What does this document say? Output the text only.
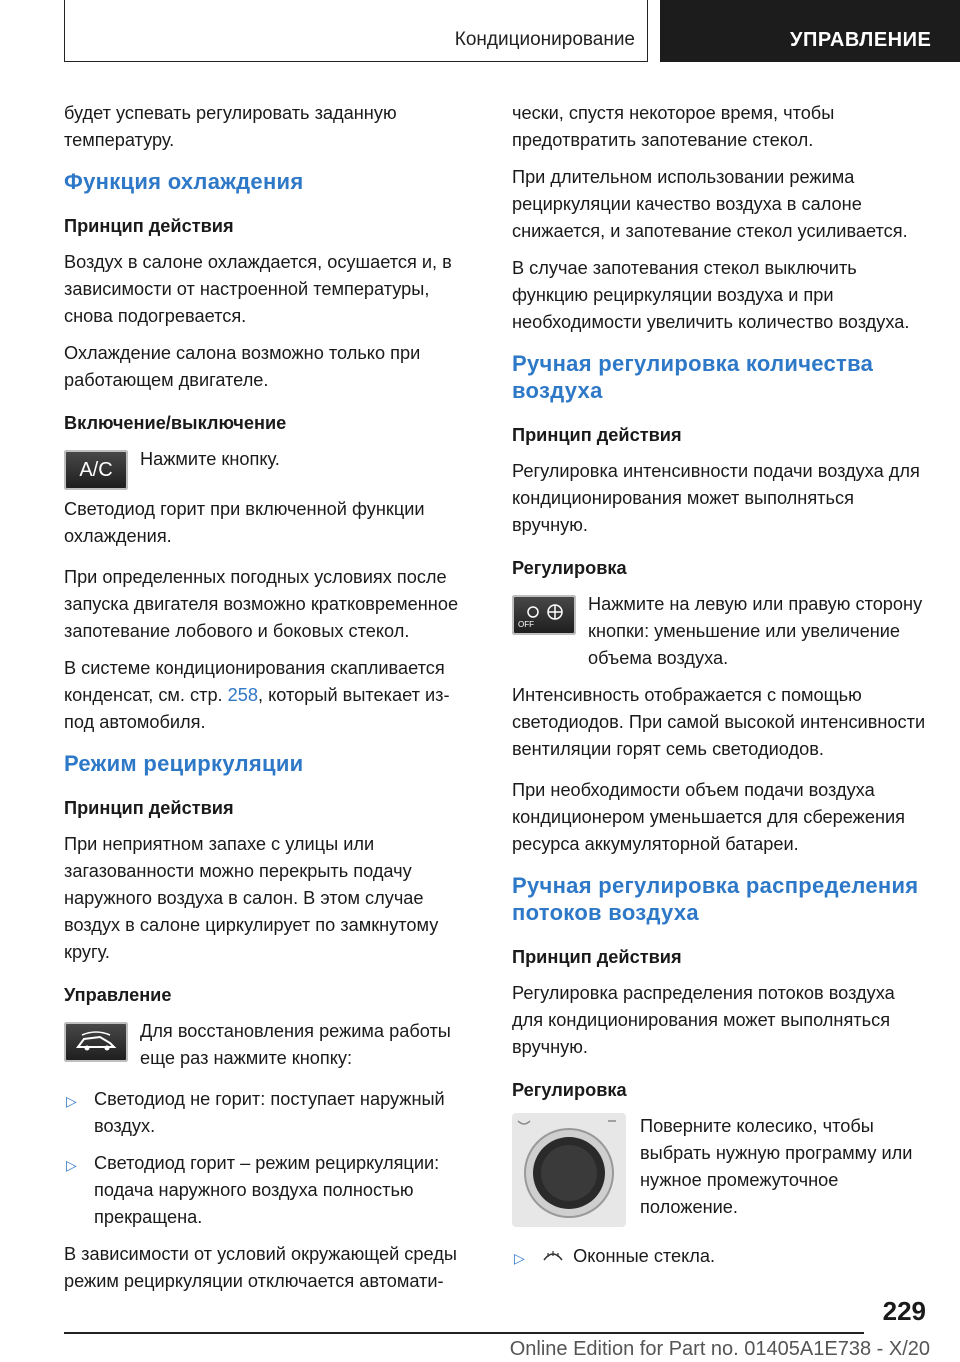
Кондиционирование	УПРАВЛЕНИЕ

будет успевать регулировать заданную температуру.

Функция охлаждения
Принцип действия

Воздух в салоне охлаждается, осушается и, в зависимости от настроенной температуры, снова подогревается.

Охлаждение салона возможно только при работающем двигателе.

Включение/выключение
A/C Нажмите кнопку.

Светодиод горит при включенной функции охлаждения.

При определенных погодных условиях после запуска двигателя возможно кратковременное запотевание лобового и боковых стекол.

В системе кондиционирования скапливается конденсат, см. стр. 258, который вытекает из-под автомобиля.

Режим рециркуляции
Принцип действия

При неприятном запахе с улицы или загазованности можно перекрыть подачу наружного воздуха в салон. В этом случае воздух в салоне циркулирует по замкнутому кругу.

Управление

Для восстановления режима работы еще раз нажмите кнопку:

▷ Светодиод не горит: поступает наружный воздух.
▷ Светодиод горит – режим рециркуляции: подача наружного воздуха полностью прекращена.

В зависимости от условий окружающей среды режим рециркуляции отключается автомати-

чески, спустя некоторое время, чтобы предотвратить запотевание стекол.

При длительном использовании режима рециркуляции качество воздуха в салоне снижается, и запотевание стекол усиливается.

В случае запотевания стекол выключить функцию рециркуляции воздуха и при необходимости увеличить количество воздуха.

Ручная регулировка количества воздуха
Принцип действия

Регулировка интенсивности подачи воздуха для кондиционирования может выполняться вручную.

Регулировка
OFF

Нажмите на левую или правую сторону кнопки: уменьшение или увеличение объема воздуха.

Интенсивность отображается с помощью светодиодов. При самой высокой интенсивности вентиляции горят семь светодиодов.

При необходимости объем подачи воздуха кондиционером уменьшается для сбережения ресурса аккумуляторной батареи.

Ручная регулировка распределения потоков воздуха
Принцип действия

Регулировка распределения потоков воздуха для кондиционирования может выполняться вручную.

Регулировка

Поверните колесико, чтобы выбрать нужную программу или нужное промежуточное положение.

▷	Оконные стекла.
229
Online Edition for Part no. 01405A1E738 - X/20
